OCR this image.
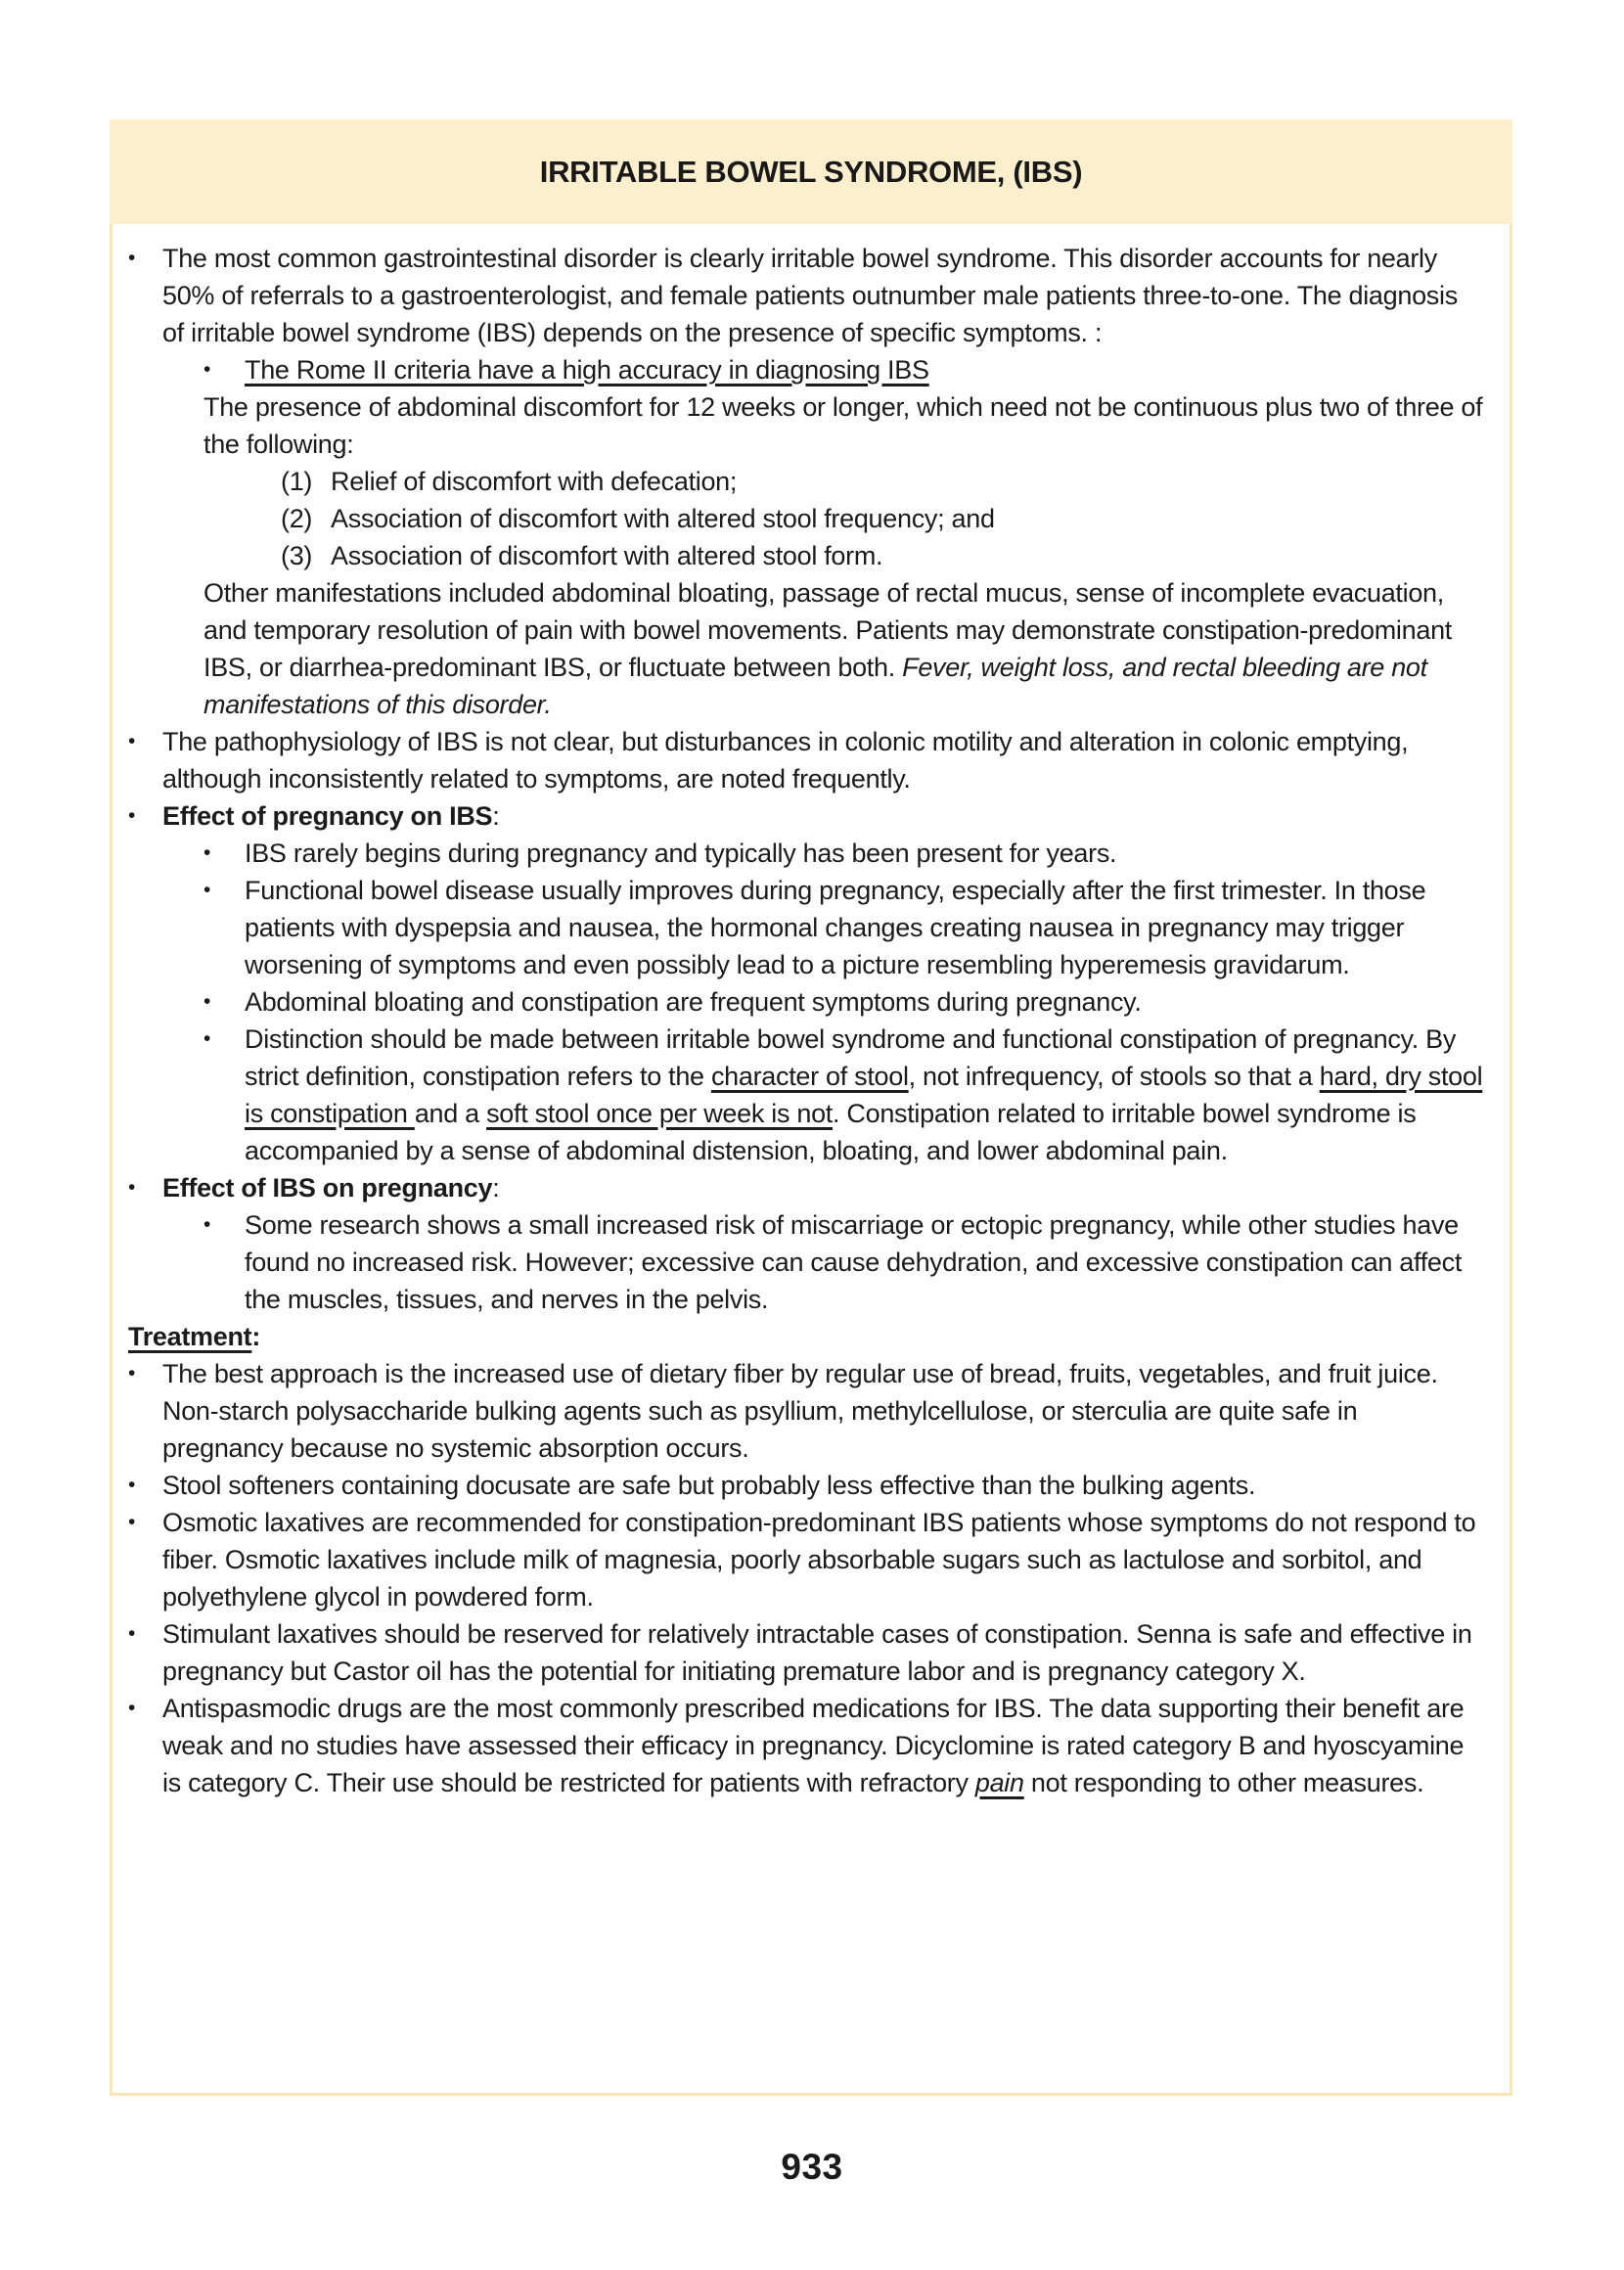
IRRITABLE BOWEL SYNDROME, (IBS)
• The most common gastrointestinal disorder is clearly irritable bowel syndrome. This disorder accounts for nearly 50% of referrals to a gastroenterologist, and female patients outnumber male patients three-to-one. The diagnosis of irritable bowel syndrome (IBS) depends on the presence of specific symptoms. :
• The Rome II criteria have a high accuracy in diagnosing IBS
The presence of abdominal discomfort for 12 weeks or longer, which need not be continuous plus two of three of the following:
(1) Relief of discomfort with defecation;
(2) Association of discomfort with altered stool frequency; and
(3) Association of discomfort with altered stool form.
Other manifestations included abdominal bloating, passage of rectal mucus, sense of incomplete evacuation, and temporary resolution of pain with bowel movements. Patients may demonstrate constipation-predominant IBS, or diarrhea-predominant IBS, or fluctuate between both. Fever, weight loss, and rectal bleeding are not manifestations of this disorder.
• The pathophysiology of IBS is not clear, but disturbances in colonic motility and alteration in colonic emptying, although inconsistently related to symptoms, are noted frequently.
• Effect of pregnancy on IBS:
• IBS rarely begins during pregnancy and typically has been present for years.
• Functional bowel disease usually improves during pregnancy, especially after the first trimester. In those patients with dyspepsia and nausea, the hormonal changes creating nausea in pregnancy may trigger worsening of symptoms and even possibly lead to a picture resembling hyperemesis gravidarum.
• Abdominal bloating and constipation are frequent symptoms during pregnancy.
• Distinction should be made between irritable bowel syndrome and functional constipation of pregnancy. By strict definition, constipation refers to the character of stool, not infrequency, of stools so that a hard, dry stool is constipation and a soft stool once per week is not. Constipation related to irritable bowel syndrome is accompanied by a sense of abdominal distension, bloating, and lower abdominal pain.
• Effect of IBS on pregnancy:
• Some research shows a small increased risk of miscarriage or ectopic pregnancy, while other studies have found no increased risk. However; excessive can cause dehydration, and excessive constipation can affect the muscles, tissues, and nerves in the pelvis.
Treatment:
• The best approach is the increased use of dietary fiber by regular use of bread, fruits, vegetables, and fruit juice. Non-starch polysaccharide bulking agents such as psyllium, methylcellulose, or sterculia are quite safe in pregnancy because no systemic absorption occurs.
• Stool softeners containing docusate are safe but probably less effective than the bulking agents.
• Osmotic laxatives are recommended for constipation-predominant IBS patients whose symptoms do not respond to fiber. Osmotic laxatives include milk of magnesia, poorly absorbable sugars such as lactulose and sorbitol, and polyethylene glycol in powdered form.
• Stimulant laxatives should be reserved for relatively intractable cases of constipation. Senna is safe and effective in pregnancy but Castor oil has the potential for initiating premature labor and is pregnancy category X.
• Antispasmodic drugs are the most commonly prescribed medications for IBS. The data supporting their benefit are weak and no studies have assessed their efficacy in pregnancy. Dicyclomine is rated category B and hyoscyamine is category C. Their use should be restricted for patients with refractory pain not responding to other measures.
933
